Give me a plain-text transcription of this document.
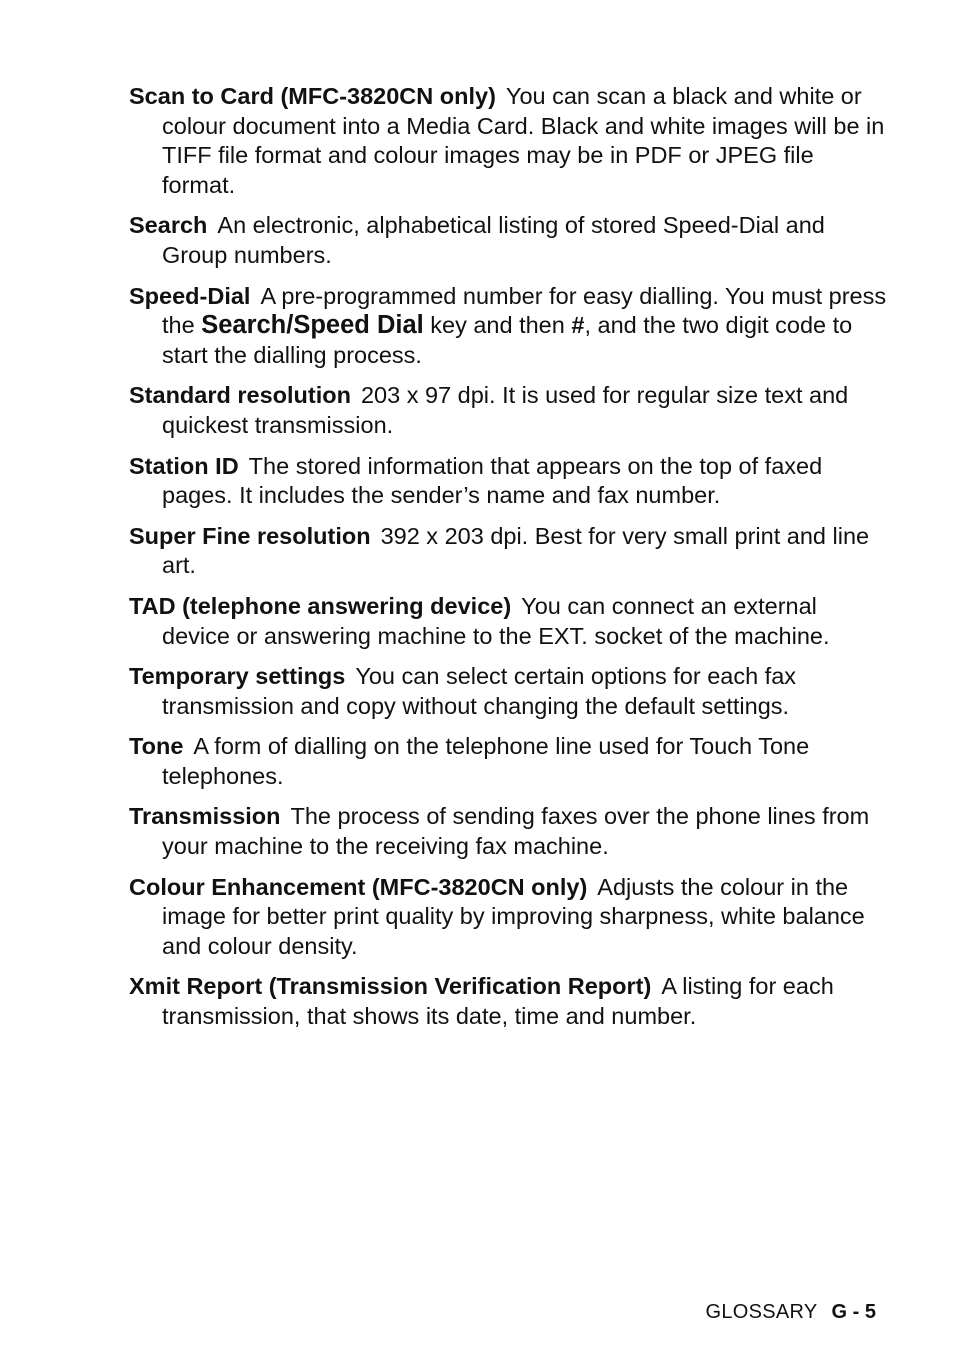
Scan to Card (MFC-3820CN only) You can scan a black and white or colour document into a Media Card. Black and white images will be in TIFF file format and colour images may be in PDF or JPEG file format.

Search An electronic, alphabetical listing of stored Speed-Dial and Group numbers.

Speed-Dial A pre-programmed number for easy dialling. You must press the Search/Speed Dial key and then #, and the two digit code to start the dialling process.

Standard resolution 203 x 97 dpi. It is used for regular size text and quickest transmission.

Station ID The stored information that appears on the top of faxed pages. It includes the sender’s name and fax number.

Super Fine resolution 392 x 203 dpi. Best for very small print and line art.

TAD (telephone answering device) You can connect an external device or answering machine to the EXT. socket of the machine.

Temporary settings You can select certain options for each fax transmission and copy without changing the default settings.

Tone A form of dialling on the telephone line used for Touch Tone telephones.

Transmission The process of sending faxes over the phone lines from your machine to the receiving fax machine.

Colour Enhancement (MFC-3820CN only) Adjusts the colour in the image for better print quality by improving sharpness, white balance and colour density.

Xmit Report (Transmission Verification Report) A listing for each transmission, that shows its date, time and number.

GLOSSARY G - 5
